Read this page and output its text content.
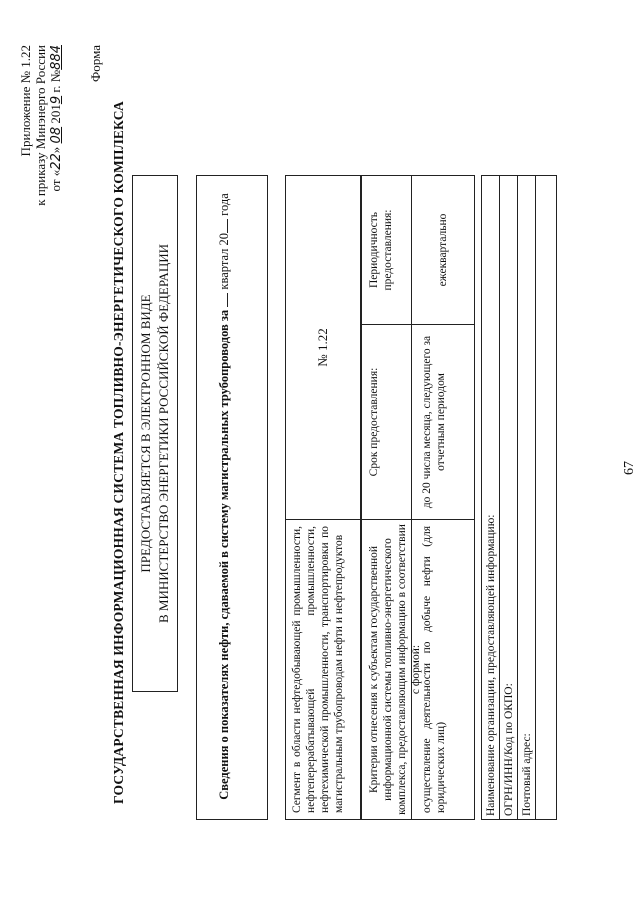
67
Приложение № 1.22 к приказу Минэнерго России от «22» 08 2019 г. №884 Форма
ГОСУДАРСТВЕННАЯ ИНФОРМАЦИОННАЯ СИСТЕМА ТОПЛИВНО-ЭНЕРГЕТИЧЕСКОГО КОМПЛЕКСА ПРЕДОСТАВЛЯЕТСЯ В ЭЛЕКТРОННОМ ВИДЕ В МИНИСТЕРСТВО ЭНЕРГЕТИКИ РОССИЙСКОЙ ФЕДЕРАЦИИ	Сведения о показателях нефти, сдаваемой в систему магистральных трубопроводов за  квартал 20 года
Сегмент в области нефтедобывающей промышленности, нефтеперерабатывающей промышленности, нефтехимической промышленности, транспортировки по магистральным трубопроводам нефти и нефтепродуктов
№ 1.22
Критерии отнесения к субъектам государственной информационной системы топливно-энергетического комплекса, предоставляющим информацию в соответствии с формой:
Срок предоставления:
Периодичность предоставления:
осуществление деятельности по добыче нефти (для юридических лиц)
до 20 числа месяца, следующего за отчетным периодом
ежеквартально
Наименование организации, предоставляющей информацию: ОГРН/ИНН/Код по ОКПО: Почтовый адрес:
